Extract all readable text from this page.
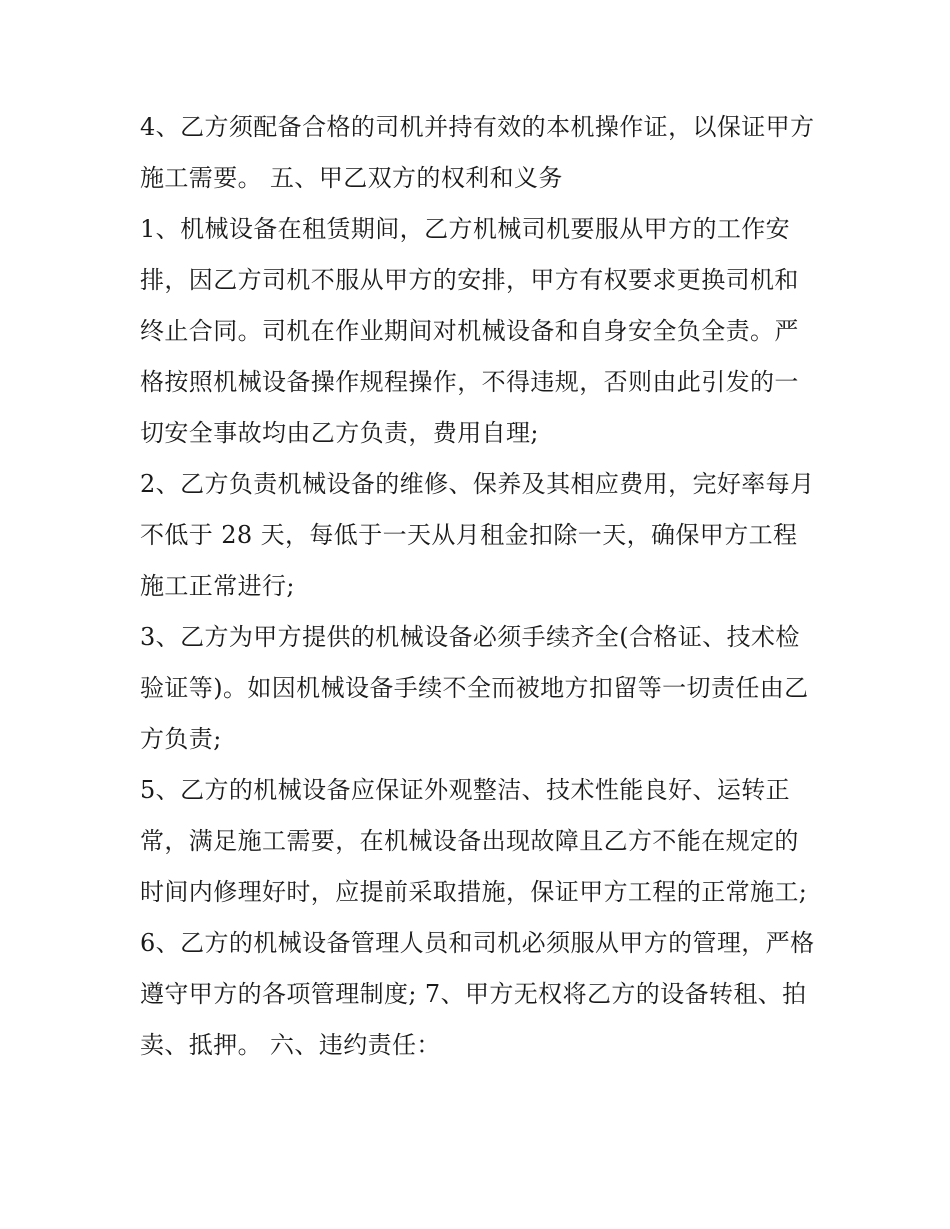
4、乙方须配备合格的司机并持有效的本机操作证，以保证甲方施工需要。 五、甲乙双方的权利和义务

1、机械设备在租赁期间，乙方机械司机要服从甲方的工作安排，因乙方司机不服从甲方的安排，甲方有权要求更换司机和终止合同。司机在作业期间对机械设备和自身安全负全责。严格按照机械设备操作规程操作，不得违规，否则由此引发的一切安全事故均由乙方负责，费用自理;

2、乙方负责机械设备的维修、保养及其相应费用，完好率每月不低于 28 天，每低于一天从月租金扣除一天，确保甲方工程施工正常进行;

3、乙方为甲方提供的机械设备必须手续齐全(合格证、技术检验证等)。如因机械设备手续不全而被地方扣留等一切责任由乙方负责;

5、乙方的机械设备应保证外观整洁、技术性能良好、运转正常，满足施工需要，在机械设备出现故障且乙方不能在规定的时间内修理好时，应提前采取措施，保证甲方工程的正常施工;

6、乙方的机械设备管理人员和司机必须服从甲方的管理，严格遵守甲方的各项管理制度; 7、甲方无权将乙方的设备转租、拍卖、抵押。 六、违约责任：
